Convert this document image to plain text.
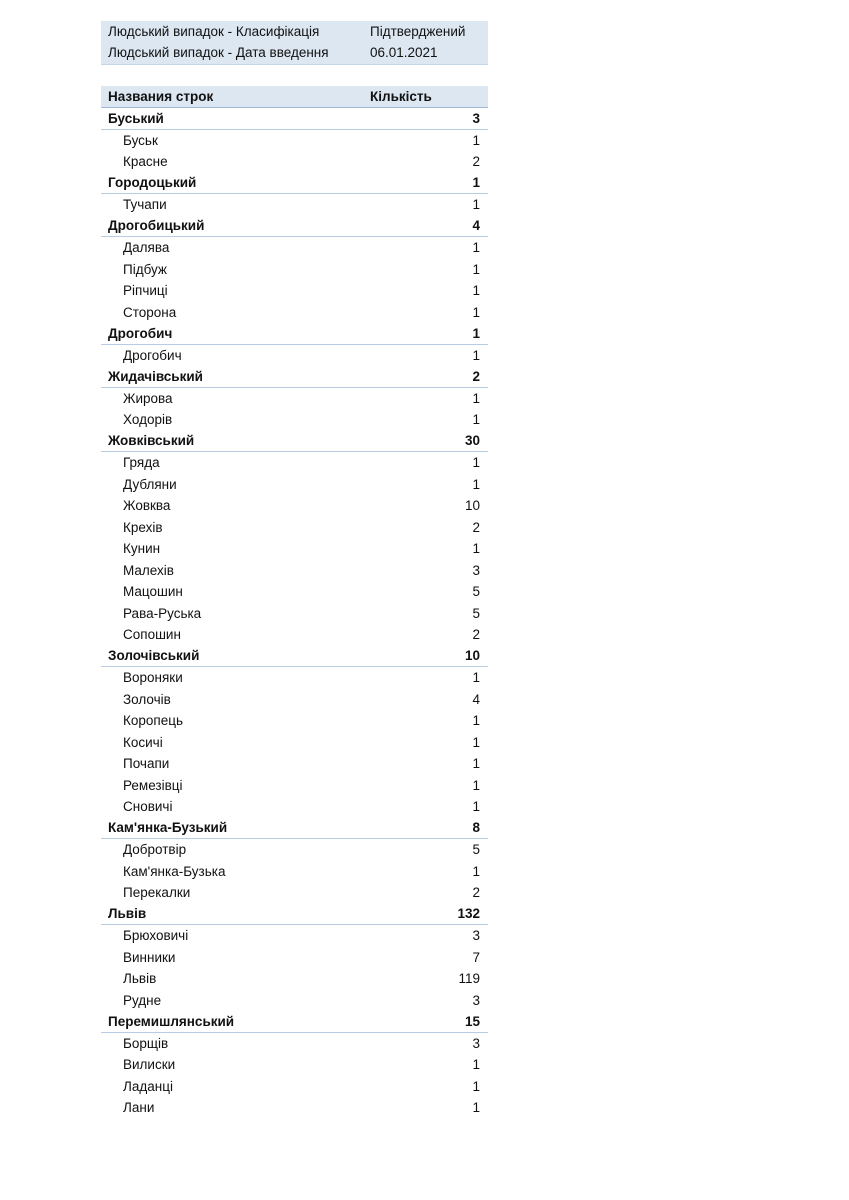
Людський випадок - Класифікація	Підтверджений
Людський випадок - Дата введення	06.01.2021
Названия строк	Кількість
Буський	3
Буськ	1
Красне	2
Городоцький	1
Тучапи	1
Дрогобицький	4
Далява	1
Підбуж	1
Ріпчиці	1
Сторона	1
Дрогобич	1
Дрогобич	1
Жидачівський	2
Жирова	1
Ходорів	1
Жовківський	30
Гряда	1
Дубляни	1
Жовква	10
Крехів	2
Кунин	1
Малехів	3
Мацошин	5
Рава-Руська	5
Сопошин	2
Золочівський	10
Вороняки	1
Золочів	4
Коропець	1
Косичі	1
Почапи	1
Ремезівці	1
Сновичі	1
Кам'янка-Бузький	8
Добротвір	5
Кам'янка-Бузька	1
Перекалки	2
Львів	132
Брюховичі	3
Винники	7
Львів	119
Рудне	3
Перемишлянський	15
Борщів	3
Вилиски	1
Ладанці	1
Лани	1
